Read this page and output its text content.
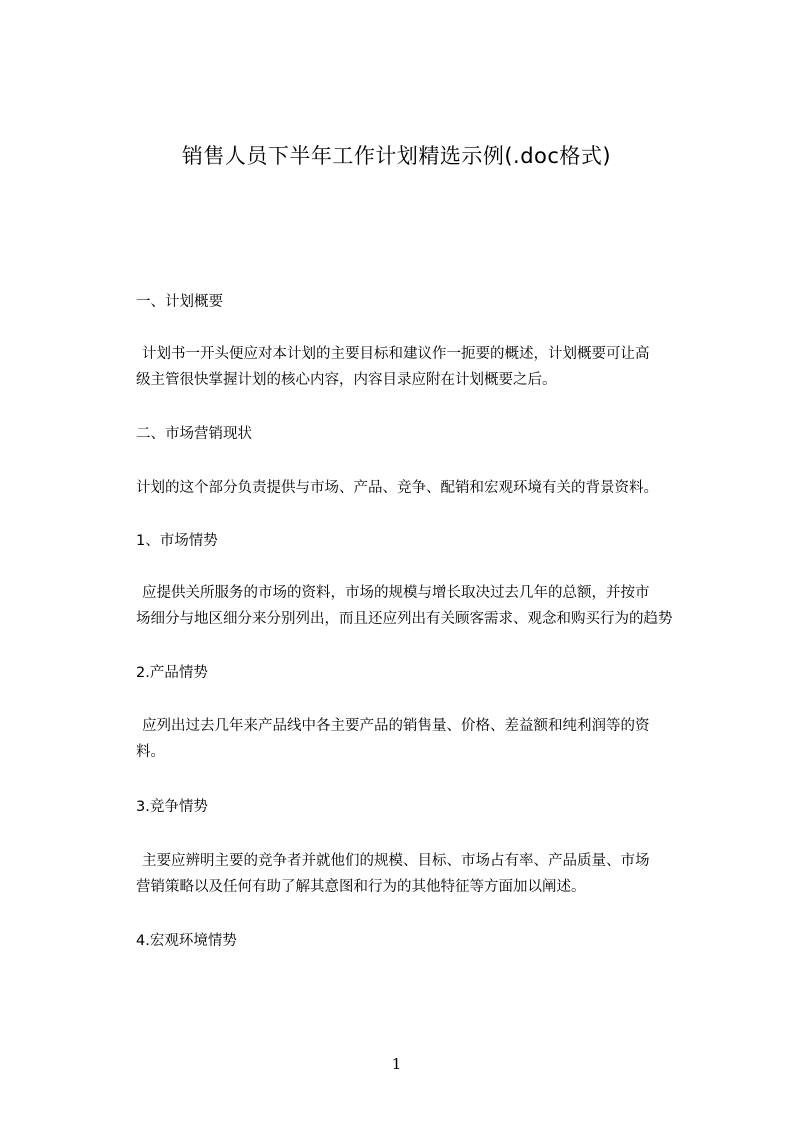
销售人员下半年工作计划精选示例(.doc格式)
一、计划概要
计划书一开头便应对本计划的主要目标和建议作一扼要的概述，计划概要可让高
级主管很快掌握计划的核心内容，内容目录应附在计划概要之后。
二、市场营销现状
计划的这个部分负责提供与市场、产品、竞争、配销和宏观环境有关的背景资料。
1、市场情势
应提供关所服务的市场的资料，市场的规模与增长取决过去几年的总额，并按市
场细分与地区细分来分别列出，而且还应列出有关顾客需求、观念和购买行为的趋势
2.产品情势
应列出过去几年来产品线中各主要产品的销售量、价格、差益额和纯利润等的资
料。
3.竞争情势
主要应辨明主要的竞争者并就他们的规模、目标、市场占有率、产品质量、市场
营销策略以及任何有助了解其意图和行为的其他特征等方面加以阐述。
4.宏观环境情势
1
